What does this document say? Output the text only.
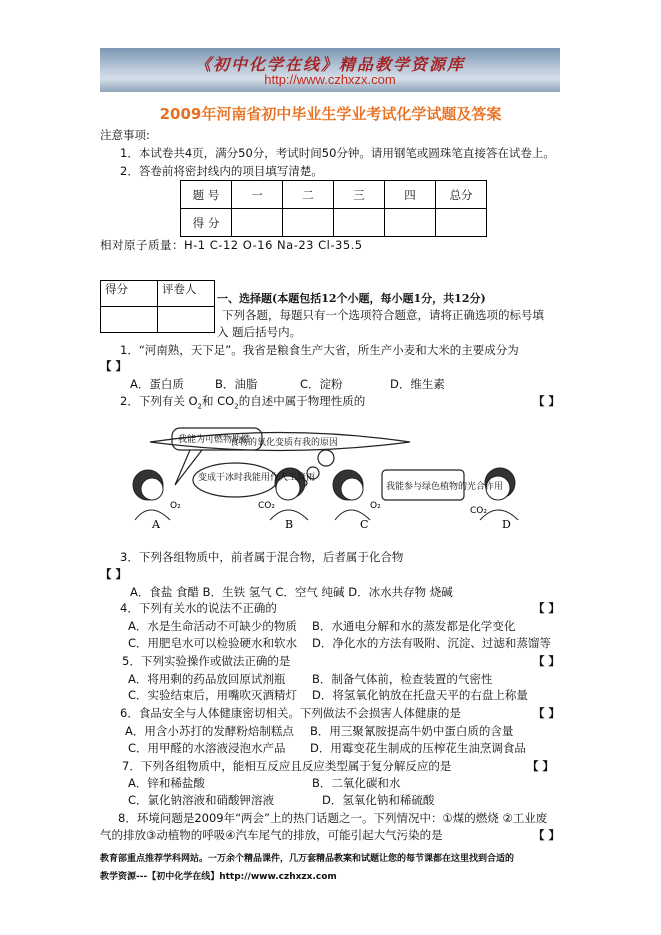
《初中化学在线》精品教学资源库
http://www.czhxzx.com
2009年河南省初中毕业生学业考试化学试题及答案
注意事项:
1．本试卷共4页，满分50分，考试时间50分钟。请用钢笔或圆珠笔直接答在试卷上。
2．答卷前将密封线内的项目填写清楚。
题 号	一	二	三	四	总分
得 分					
相对原子质量：H-1 C-12 O-16 Na-23 Cl-35.5
得分	评卷人

一、选择题(本题包括12个小题，每小题1分，共12分)
下列各题，每题只有一个选项符合题意，请将正确选项的标号填
入 题后括号内。
1．“河南熟，天下足”。我省是粮食生产大省，所生产小麦和大米的主要成分为
【 】
A．蛋白质	B．油脂	C．淀粉	D．维生素
2．下列有关 $O_2$和 $CO_2$的自述中属于物理性质的	【 】
我能为可燃物助燃
变成干冰时我能用作人工降雨
食物的氧化变质有我的原因
我能参与绿色植物的光合作用
O₂	CO₂	O₂	CO₂
A	B	C	D
3．下列各组物质中，前者属于混合物，后者属于化合物
【 】
A．食盐 食醋 B．生铁 氢气 C．空气 纯碱 D．冰水共存物 烧碱
4．下列有关水的说法不正确的	【 】
A．水是生命活动不可缺少的物质 B．水通电分解和水的蒸发都是化学变化
C．用肥皂水可以检验硬水和软水 D．净化水的方法有吸附、沉淀、过滤和蒸馏等
5．下列实验操作或做法正确的是	【 】
A．将用剩的药品放回原试剂瓶 B．制备气体前，检查装置的气密性
C．实验结束后，用嘴吹灭酒精灯 D．将氢氧化钠放在托盘天平的右盘上称量
6．食品安全与人体健康密切相关。下列做法不会损害人体健康的是	【 】
A．用含小苏打的发酵粉焙制糕点 B．用三聚氰胺提高牛奶中蛋白质的含量
C．用甲醛的水溶液浸泡水产品 D．用霉变花生制成的压榨花生油烹调食品
7．下列各组物质中，能相互反应且反应类型属于复分解反应的是	【 】
A．锌和稀盐酸	B．二氧化碳和水
C．氯化钠溶液和硝酸钾溶液	D．氢氧化钠和稀硫酸
8．环境问题是2009年“两会”上的热门话题之一。下列情况中：①煤的燃烧 ②工业废
气的排放③动植物的呼吸④汽车尾气的排放，可能引起大气污染的是	【 】
教育部重点推荐学科网站。一万余个精品课件，几万套精品教案和试题让您的每节课都在这里找到合适的
教学资源---【初中化学在线】http://www.czhxzx.com
